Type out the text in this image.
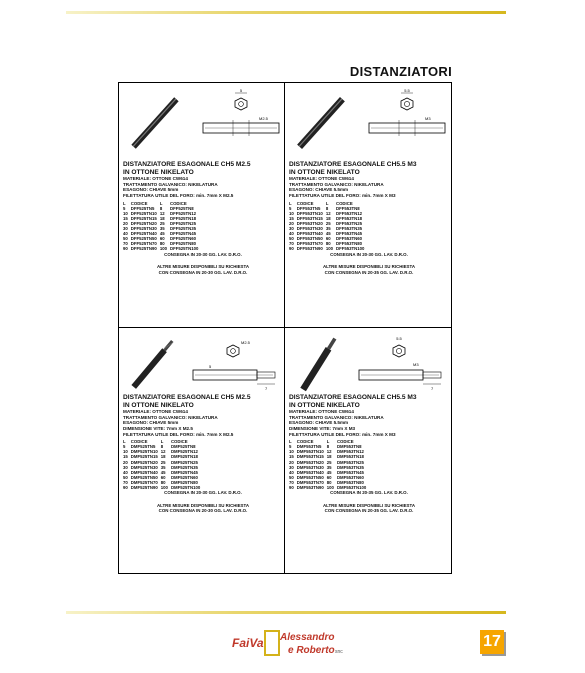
DISTANZIATORI
5
M2.5
DISTANZIATORE ESAGONALE CH5 M2.5
IN OTTONE NIKELATO
MATERIALE: OTTONE CW614
TRATTAMENTO GALVANICO: NIKELATURA
ESAGONO: CHIAVE 5mm
FILETTATURA UTILE DEL FORO: min. 7mm X M2.5
L	CODICE	L	CODICE
5	DFF525TN5	8	DFF525TN8
10	DFF525TN10	12	DFF525TN12
15	DFF525TN15	18	DFF525TN18
20	DFF525TN20	25	DFF525TN25
30	DFF525TN30	35	DFF525TN35
40	DFF525TN40	45	DFF525TN45
50	DFF525TN50	60	DFF525TN60
70	DFF525TN70	80	DFF525TN80
90	DFF525TN90	100	DFF525TN100
CONSEGNA IN 20-30 GG. LAV. D.R.O.
ALTRE MISURE DISPONIBILI SU RICHIESTA
CON CONSEGNA IN 20-30 GG. LAV. D.R.O.
5.5
M3
DISTANZIATORE ESAGONALE CH5.5 M3
IN OTTONE NIKELATO
MATERIALE: OTTONE CW614
TRATTAMENTO GALVANICO: NIKELATURA
ESAGONO: CHIAVE 5.5mm
FILETTATURA UTILE DEL FORO: min. 7mm X M3
L	CODICE	L	CODICE
5	DFF553TN5	8	DFF553TN8
10	DFF553TN10	12	DFF553TN12
15	DFF553TN15	18	DFF553TN18
20	DFF553TN20	25	DFF553TN25
30	DFF553TN30	35	DFF553TN35
40	DFF553TN40	45	DFF553TN45
50	DFF553TN50	60	DFF553TN60
70	DFF553TN70	80	DFF553TN80
90	DFF553TN90	100	DFF553TN100
CONSEGNA IN 20-30 GG. LAV. D.R.O.
ALTRE MISURE DISPONIBILI SU RICHIESTA
CON CONSEGNA IN 20-35 GG. LAV. D.R.O.
M2.5
7
5
DISTANZIATORE ESAGONALE CH5 M2.5
IN OTTONE NIKELATO
MATERIALE: OTTONE CW614
TRATTAMENTO GALVANICO: NIKELATURA
ESAGONO: CHIAVE 5mm
DIMENSIONE VITE: 7mm X M2.5
FILETTATURA UTILE DEL FORO: min. 7mm X M2.5
L	CODICE	L	CODICE
5	DMF525TN5	8	DMF525TN8
10	DMF525TN10	12	DMF525TN12
15	DMF525TN15	18	DMF525TN18
20	DMF525TN20	25	DMF525TN25
30	DMF525TN30	35	DMF525TN35
40	DMF525TN40	45	DMF525TN45
50	DMF525TN50	60	DMF525TN60
70	DMF525TN70	80	DMF525TN80
90	DMF525TN90	100	DMF525TN100
CONSEGNA IN 20-30 GG. LAV. D.R.O.
ALTRE MISURE DISPONIBILI SU RICHIESTA
CON CONSEGNA IN 20-30 GG. LAV. D.R.O.
5.5
M3
7
DISTANZIATORE ESAGONALE CH5.5 M3
IN OTTONE NIKELATO
MATERIALE: OTTONE CW614
TRATTAMENTO GALVANICO: NIKELATURA
ESAGONO: CHIAVE 5.5mm
DIMENSIONE VITE: 7mm X M3
FILETTATURA UTILE DEL FORO: min. 7mm X M3
L	CODICE	L	CODICE
5	DMF553TN5	8	DMF553TN8
10	DMF553TN10	12	DMF553TN12
15	DMF553TN15	18	DMF553TN18
20	DMF553TN20	25	DMF553TN25
30	DMF553TN30	35	DMF553TN35
40	DMF553TN40	45	DMF553TN45
50	DMF553TN50	60	DMF553TN60
70	DMF553TN70	80	DMF553TN80
90	DMF553TN90	100	DMF553TN100
CONSEGNA IN 20-35 GG. LAV. D.R.O.
ALTRE MISURE DISPONIBILI SU RICHIESTA
CON CONSEGNA IN 20-35 GG. LAV. D.R.O.
FaiVa Alessandro
e Roberto snc
17
